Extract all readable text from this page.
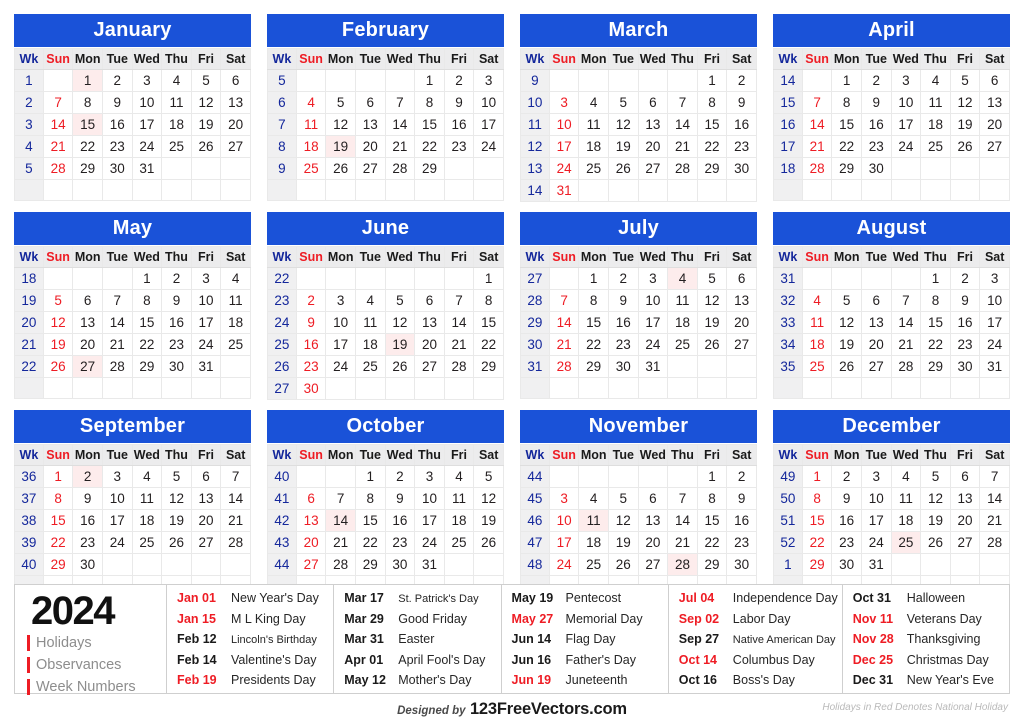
January
Wk	Sun	Mon	Tue	Wed	Thu	Fri	Sat
1		1	2	3	4	5	6
2	7	8	9	10	11	12	13
3	14	15	16	17	18	19	20
4	21	22	23	24	25	26	27
5	28	29	30	31			

February
Wk	Sun	Mon	Tue	Wed	Thu	Fri	Sat
5					1	2	3
6	4	5	6	7	8	9	10
7	11	12	13	14	15	16	17
8	18	19	20	21	22	23	24
9	25	26	27	28	29		

March
Wk	Sun	Mon	Tue	Wed	Thu	Fri	Sat
9						1	2
10	3	4	5	6	7	8	9
11	10	11	12	13	14	15	16
12	17	18	19	20	21	22	23
13	24	25	26	27	28	29	30
14	31						
April
Wk	Sun	Mon	Tue	Wed	Thu	Fri	Sat
14		1	2	3	4	5	6
15	7	8	9	10	11	12	13
16	14	15	16	17	18	19	20
17	21	22	23	24	25	26	27
18	28	29	30				

May
Wk	Sun	Mon	Tue	Wed	Thu	Fri	Sat
18				1	2	3	4
19	5	6	7	8	9	10	11
20	12	13	14	15	16	17	18
21	19	20	21	22	23	24	25
22	26	27	28	29	30	31	

June
Wk	Sun	Mon	Tue	Wed	Thu	Fri	Sat
22							1
23	2	3	4	5	6	7	8
24	9	10	11	12	13	14	15
25	16	17	18	19	20	21	22
26	23	24	25	26	27	28	29
27	30						
July
Wk	Sun	Mon	Tue	Wed	Thu	Fri	Sat
27		1	2	3	4	5	6
28	7	8	9	10	11	12	13
29	14	15	16	17	18	19	20
30	21	22	23	24	25	26	27
31	28	29	30	31			

August
Wk	Sun	Mon	Tue	Wed	Thu	Fri	Sat
31					1	2	3
32	4	5	6	7	8	9	10
33	11	12	13	14	15	16	17
34	18	19	20	21	22	23	24
35	25	26	27	28	29	30	31

September
Wk	Sun	Mon	Tue	Wed	Thu	Fri	Sat
36	1	2	3	4	5	6	7
37	8	9	10	11	12	13	14
38	15	16	17	18	19	20	21
39	22	23	24	25	26	27	28
40	29	30					

October
Wk	Sun	Mon	Tue	Wed	Thu	Fri	Sat
40			1	2	3	4	5
41	6	7	8	9	10	11	12
42	13	14	15	16	17	18	19
43	20	21	22	23	24	25	26
44	27	28	29	30	31		

November
Wk	Sun	Mon	Tue	Wed	Thu	Fri	Sat
44						1	2
45	3	4	5	6	7	8	9
46	10	11	12	13	14	15	16
47	17	18	19	20	21	22	23
48	24	25	26	27	28	29	30

December
Wk	Sun	Mon	Tue	Wed	Thu	Fri	Sat
49	1	2	3	4	5	6	7
50	8	9	10	11	12	13	14
51	15	16	17	18	19	20	21
52	22	23	24	25	26	27	28
1	29	30	31				

2024
Holidays
Observances
Week Numbers
Jan 01	New Year's Day
Jan 15	M L King Day
Feb 12	Lincoln's Birthday
Feb 14	Valentine's Day
Feb 19	Presidents Day
Mar 17	St. Patrick's Day
Mar 29	Good Friday
Mar 31	Easter
Apr 01	April Fool's Day
May 12 Mother's Day
May 19 Pentecost
May 27 Memorial Day
Jun 14	Flag Day
Jun 16	Father's Day
Jun 19	Juneteenth
Jul 04	Independence Day
Sep 02	Labor Day
Sep 27	Native American Day
Oct 14	Columbus Day
Oct 16	Boss's Day
Oct 31	Halloween
Nov 11	Veterans Day
Nov 28	Thanksgiving
Dec 25	Christmas Day
Dec 31	New Year's Eve
Designed by 123FreeVectors.com	Holidays in Red Denotes National Holiday
